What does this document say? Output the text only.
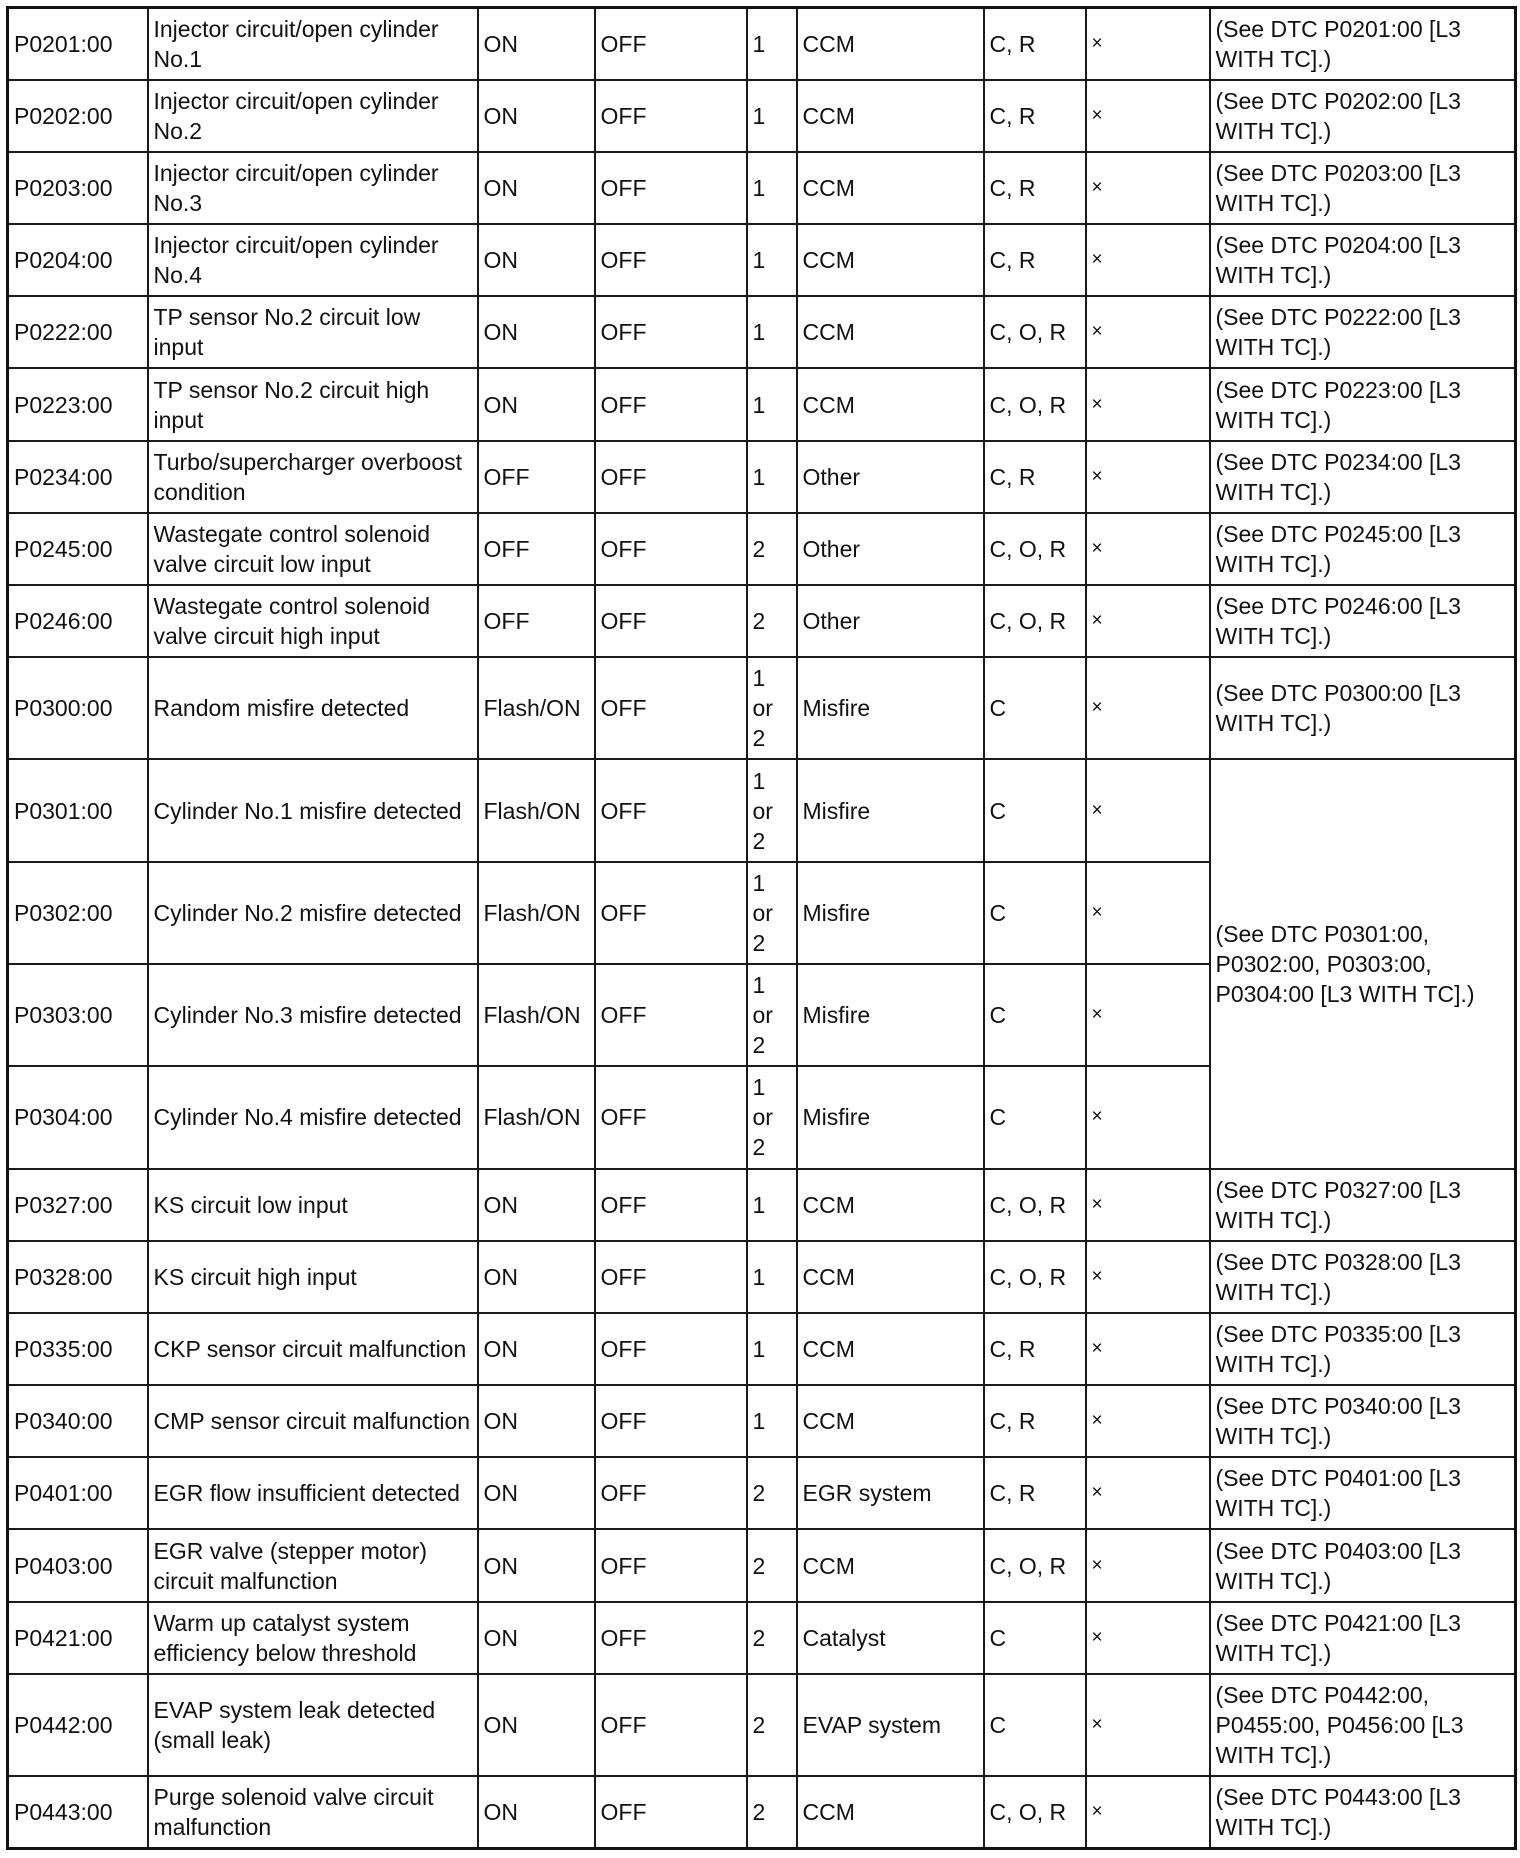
P0201:00	Injector circuit/open cylinder No.1	ON	OFF	1	CCM	C, R	×	(See DTC P0201:00 [L3 WITH TC].)
P0202:00	Injector circuit/open cylinder No.2	ON	OFF	1	CCM	C, R	×	(See DTC P0202:00 [L3 WITH TC].)
P0203:00	Injector circuit/open cylinder No.3	ON	OFF	1	CCM	C, R	×	(See DTC P0203:00 [L3 WITH TC].)
P0204:00	Injector circuit/open cylinder No.4	ON	OFF	1	CCM	C, R	×	(See DTC P0204:00 [L3 WITH TC].)
P0222:00	TP sensor No.2 circuit low input	ON	OFF	1	CCM	C, O, R	×	(See DTC P0222:00 [L3 WITH TC].)
P0223:00	TP sensor No.2 circuit high input	ON	OFF	1	CCM	C, O, R	×	(See DTC P0223:00 [L3 WITH TC].)
P0234:00	Turbo/supercharger overboost condition	OFF	OFF	1	Other	C, R	×	(See DTC P0234:00 [L3 WITH TC].)
P0245:00	Wastegate control solenoid valve circuit low input	OFF	OFF	2	Other	C, O, R	×	(See DTC P0245:00 [L3 WITH TC].)
P0246:00	Wastegate control solenoid valve circuit high input	OFF	OFF	2	Other	C, O, R	×	(See DTC P0246:00 [L3 WITH TC].)
P0300:00	Random misfire detected	Flash/ON	OFF	1 or 2	Misfire	C	×	(See DTC P0300:00 [L3 WITH TC].)
P0301:00	Cylinder No.1 misfire detected	Flash/ON	OFF	1 or 2	Misfire	C	×	(See DTC P0301:00, P0302:00, P0303:00, P0304:00 [L3 WITH TC].)
P0302:00	Cylinder No.2 misfire detected	Flash/ON	OFF	1 or 2	Misfire	C	×	
P0303:00	Cylinder No.3 misfire detected	Flash/ON	OFF	1 or 2	Misfire	C	×	
P0304:00	Cylinder No.4 misfire detected	Flash/ON	OFF	1 or 2	Misfire	C	×	
P0327:00	KS circuit low input	ON	OFF	1	CCM	C, O, R	×	(See DTC P0327:00 [L3 WITH TC].)
P0328:00	KS circuit high input	ON	OFF	1	CCM	C, O, R	×	(See DTC P0328:00 [L3 WITH TC].)
P0335:00	CKP sensor circuit malfunction	ON	OFF	1	CCM	C, R	×	(See DTC P0335:00 [L3 WITH TC].)
P0340:00	CMP sensor circuit malfunction	ON	OFF	1	CCM	C, R	×	(See DTC P0340:00 [L3 WITH TC].)
P0401:00	EGR flow insufficient detected	ON	OFF	2	EGR system	C, R	×	(See DTC P0401:00 [L3 WITH TC].)
P0403:00	EGR valve (stepper motor) circuit malfunction	ON	OFF	2	CCM	C, O, R	×	(See DTC P0403:00 [L3 WITH TC].)
P0421:00	Warm up catalyst system efficiency below threshold	ON	OFF	2	Catalyst	C	×	(See DTC P0421:00 [L3 WITH TC].)
P0442:00	EVAP system leak detected (small leak)	ON	OFF	2	EVAP system	C	×	(See DTC P0442:00, P0455:00, P0456:00 [L3 WITH TC].)
P0443:00	Purge solenoid valve circuit malfunction	ON	OFF	2	CCM	C, O, R	×	(See DTC P0443:00 [L3 WITH TC].)
